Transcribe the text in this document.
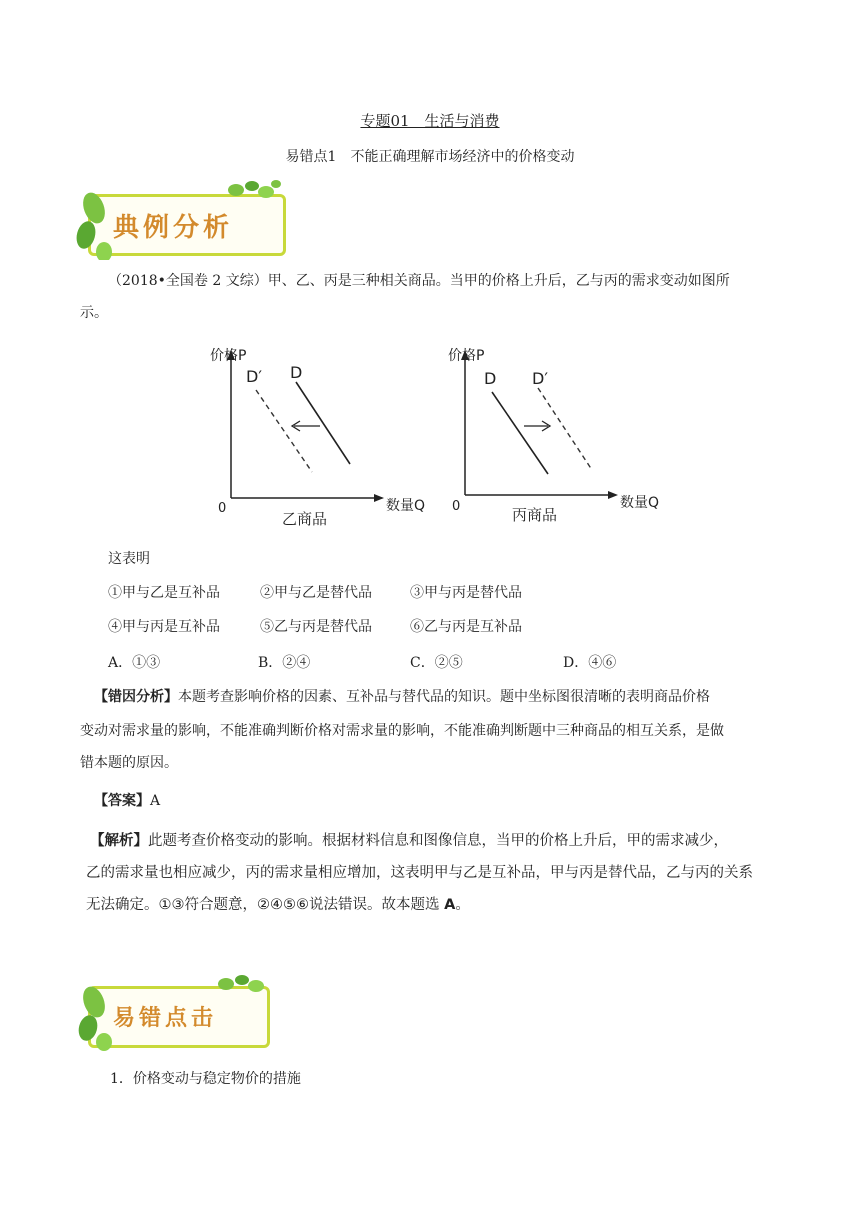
专题01　生活与消费
易错点1　不能正确理解市场经济中的价格变动
典例分析
（2018•全国卷 2 文综）甲、乙、丙是三种相关商品。当甲的价格上升后，乙与丙的需求变动如图所
示。
价格P
数量Q
0
乙商品
D′ D
价格P
数量Q
0	丙商品
D D′
这表明
①甲与乙是互补品	②甲与乙是替代品	③甲与丙是替代品
④甲与丙是互补品	⑤乙与丙是替代品	⑥乙与丙是互补品
A．①③	B．②④	C．②⑤	D．④⑥
【错因分析】本题考查影响价格的因素、互补品与替代品的知识。题中坐标图很清晰的表明商品价格
变动对需求量的影响，不能准确判断价格对需求量的影响，不能准确判断题中三种商品的相互关系，是做
错本题的原因。
【答案】A
【解析】此题考查价格变动的影响。根据材料信息和图像信息，当甲的价格上升后，甲的需求减少，
乙的需求量也相应减少，丙的需求量相应增加，这表明甲与乙是互补品，甲与丙是替代品，乙与丙的关系
无法确定。①③符合题意，②④⑤⑥说法错误。故本题选 A。
易错点击
1．价格变动与稳定物价的措施
